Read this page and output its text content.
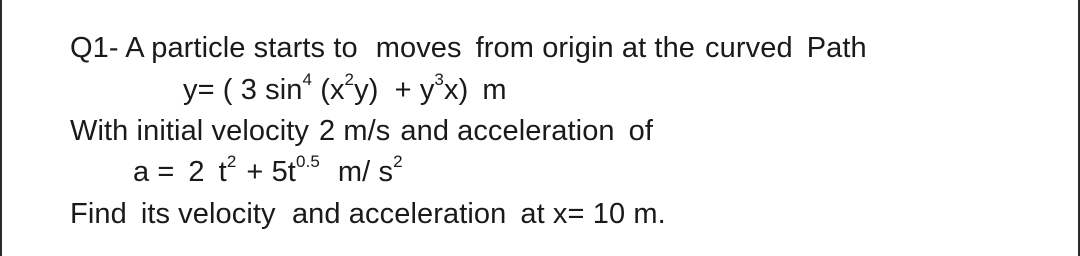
Q1- A particle starts to moves from origin at the curved Path
y= ( 3 $\sin^4 (x^2y) + y^3x$) m
With initial velocity 2 m/s and acceleration of
a = 2 $t^2 + 5t^{0.5}$ m/ $s^2$
Find its velocity  and acceleration at x= 10 m.
